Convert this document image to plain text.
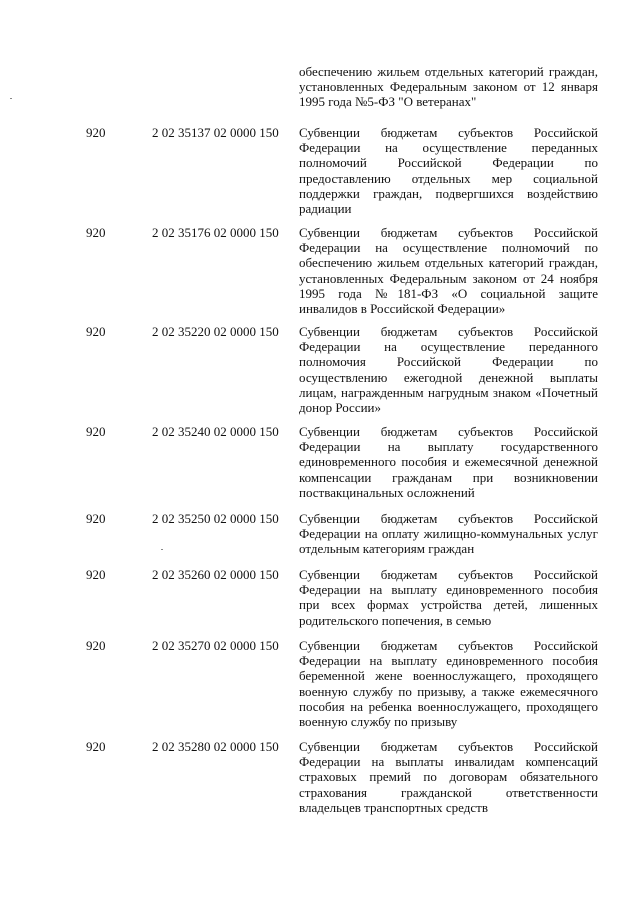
обеспечению жильем отдельных категорий граждан,
установленных Федеральным законом от 12 января
1995 года №5-ФЗ "О ветеранах"
920	2 02 35137 02 0000 150 Субвенции бюджетам субъектов Российской
Федерации на осуществление переданных
полномочий Российской Федерации по
предоставлению отдельных мер социальной
поддержки граждан, подвергшихся воздействию
радиации
920	2 02 35176 02 0000 150 Субвенции бюджетам субъектов Российской
Федерации на осуществление полномочий по
обеспечению жильем отдельных категорий граждан,
установленных Федеральным законом от 24 ноября
1995 года №181-ФЗ «О социальной защите
инвалидов в Российской Федерации»
920	2 02 35220 02 0000 150 Субвенции бюджетам субъектов Российской
Федерации на осуществление переданного
полномочия Российской Федерации по
осуществлению ежегодной денежной выплаты
лицам, награжденным нагрудным знаком «Почетный
донор России»
920	2 02 35240 02 0000 150 Субвенции бюджетам субъектов Российской
Федерации на выплату государственного
единовременного пособия и ежемесячной денежной
компенсации гражданам при возникновении
поствакцинальных осложнений
920	2 02 35250 02 0000 150 Субвенции бюджетам субъектов Российской
Федерации на оплату жилищно-коммунальных услуг
отдельным категориям граждан
920	2 02 35260 02 0000 150 Субвенции бюджетам субъектов Российской
Федерации на выплату единовременного пособия
при всех формах устройства детей, лишенных
родительского попечения, в семью
920	2 02 35270 02 0000 150 Субвенции бюджетам субъектов Российской
Федерации на выплату единовременного пособия
беременной жене военнослужащего, проходящего
военную службу по призыву, а также ежемесячного
пособия на ребенка военнослужащего, проходящего
военную службу по призыву
920	2 02 35280 02 0000 150 Субвенции бюджетам субъектов Российской
Федерации на выплаты инвалидам компенсаций
страховых премий по договорам обязательного
страхования гражданской ответственности
владельцев транспортных средств
